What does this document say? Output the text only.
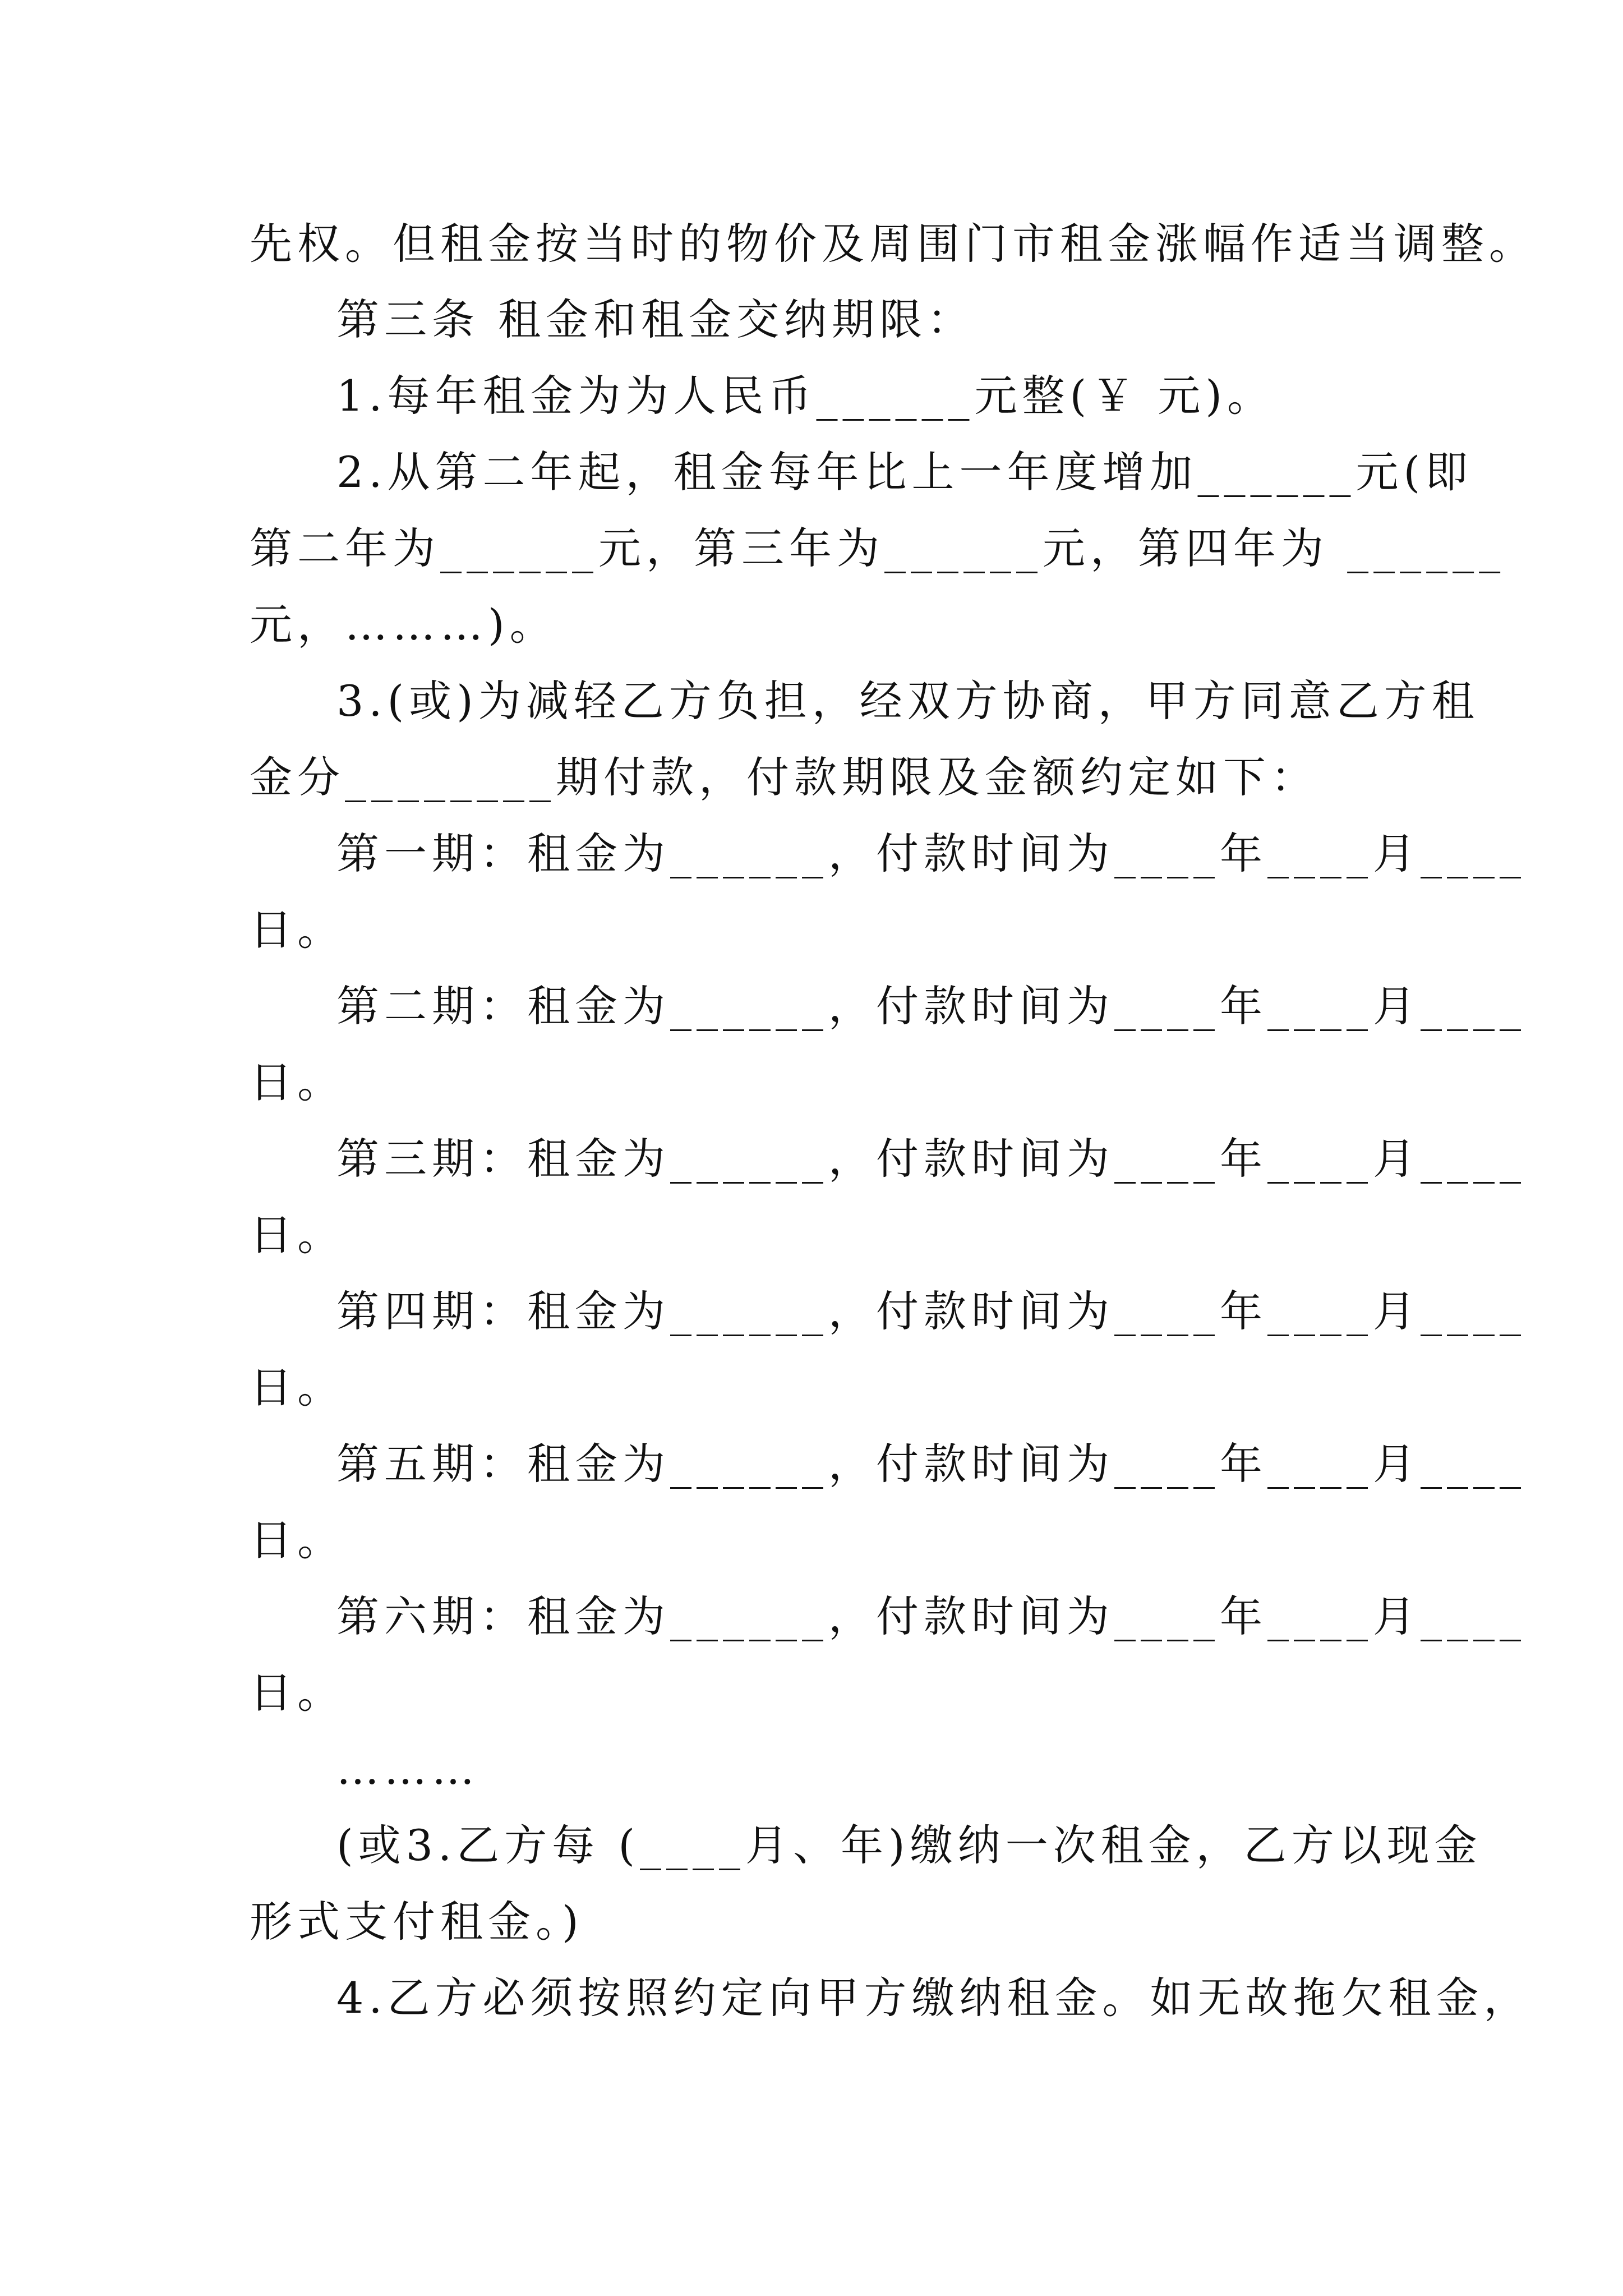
先权。但租金按当时的物价及周围门市租金涨幅作适当调整。

第三条 租金和租金交纳期限：

1.每年租金为为人民币______元整(￥ 元)。

2.从第二年起，租金每年比上一年度增加______元(即

第二年为______元，第三年为______元，第四年为 ______

元，………)。

3.(或)为减轻乙方负担，经双方协商，甲方同意乙方租

金分________期付款，付款期限及金额约定如下：

第一期：租金为______，付款时间为____年____月____

日。

第二期：租金为______，付款时间为____年____月____

日。

第三期：租金为______，付款时间为____年____月____

日。

第四期：租金为______，付款时间为____年____月____

日。

第五期：租金为______，付款时间为____年____月____

日。

第六期：租金为______，付款时间为____年____月____

日。

………

(或3.乙方每 (____月、年)缴纳一次租金，乙方以现金

形式支付租金。)

4.乙方必须按照约定向甲方缴纳租金。如无故拖欠租金，
